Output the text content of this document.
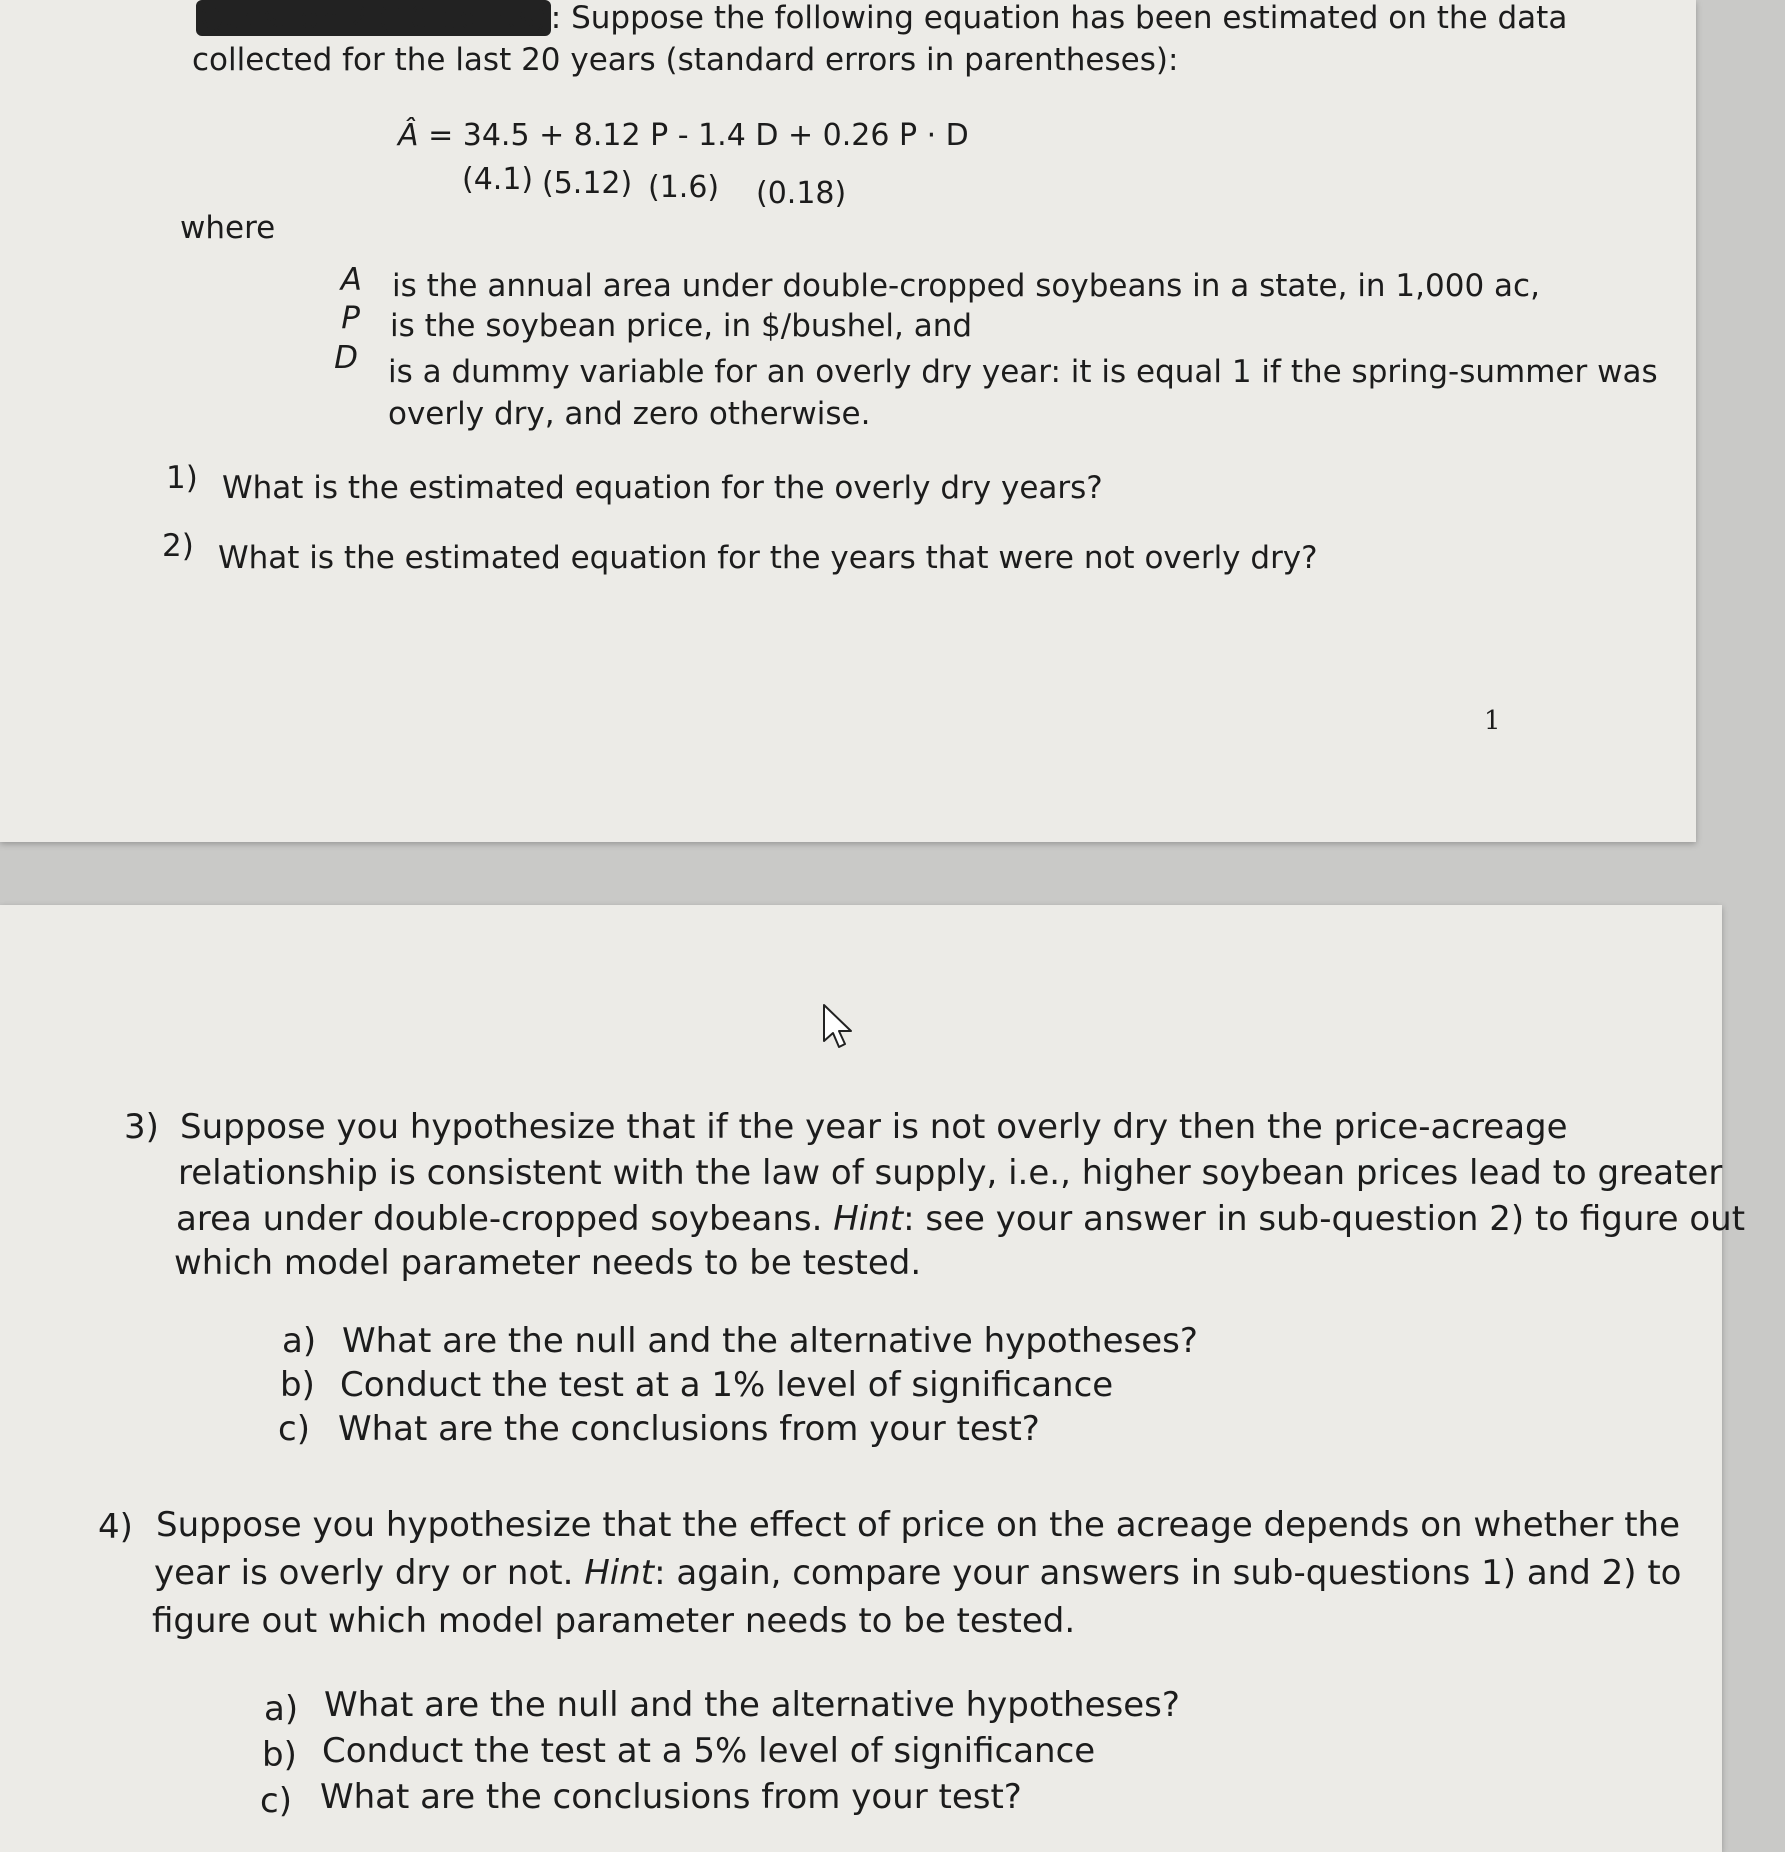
Question 2 (10 points) : Suppose the following equation has been estimated on the data
collected for the last 20 years (standard errors in parentheses):
Â = 34.5 + 8.12 P - 1.4 D + 0.26 P · D
(4.1) (5.12) (1.6) (0.18)
where
A is the annual area under double-cropped soybeans in a state, in 1,000 ac,
P is the soybean price, in $/bushel, and
D is a dummy variable for an overly dry year: it is equal 1 if the spring-summer was
overly dry, and zero otherwise.
1) What is the estimated equation for the overly dry years?
2) What is the estimated equation for the years that were not overly dry?
1
3) Suppose you hypothesize that if the year is not overly dry then the price-acreage
relationship is consistent with the law of supply, i.e., higher soybean prices lead to greater
area under double-cropped soybeans. Hint: see your answer in sub-question 2) to figure out
which model parameter needs to be tested.
a) What are the null and the alternative hypotheses?
b) Conduct the test at a 1% level of significance
c) What are the conclusions from your test?
4) Suppose you hypothesize that the effect of price on the acreage depends on whether the
year is overly dry or not. Hint: again, compare your answers in sub-questions 1) and 2) to
figure out which model parameter needs to be tested.
a) What are the null and the alternative hypotheses?
b) Conduct the test at a 5% level of significance
c) What are the conclusions from your test?
